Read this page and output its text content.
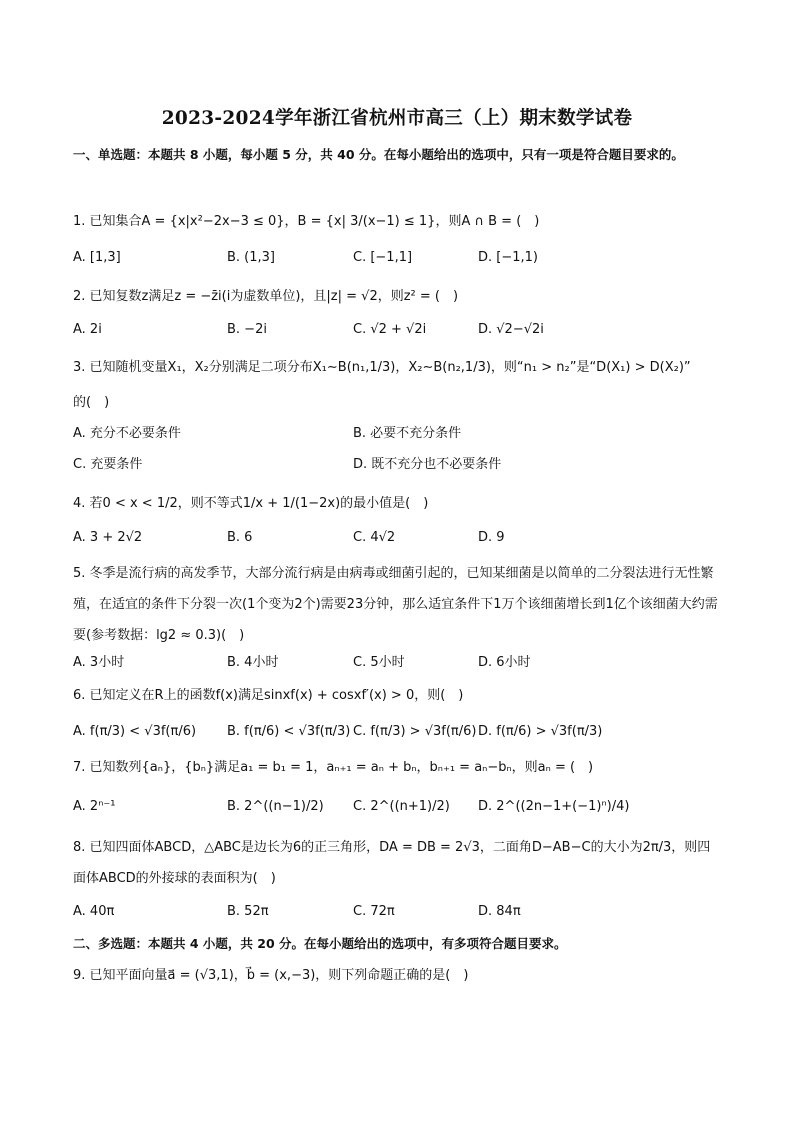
2023-2024学年浙江省杭州市高三（上）期末数学试卷
一、单选题：本题共 8 小题，每小题 5 分，共 40 分。在每小题给出的选项中，只有一项是符合题目要求的。
1. 已知集合A = {x|x²−2x−3 ≤ 0}，B = {x| 3/(x−1) ≤ 1}，则A ∩ B = (　)
A. [1,3]	B. (1,3]	C. [−1,1]	D. [−1,1)
2. 已知复数z满足z = −z̄i(i为虚数单位)，且|z| = √2，则z² = (　)
A. 2i	B. −2i	C. √2 + √2i	D. √2−√2i
3. 已知随机变量X₁，X₂分别满足二项分布X₁∼B(n₁,1/3)，X₂∼B(n₂,1/3)，则“n₁ > n₂”是“D(X₁) > D(X₂)”
的(　)
A. 充分不必要条件	B. 必要不充分条件
C. 充要条件	D. 既不充分也不必要条件
4. 若0 < x < 1/2，则不等式1/x + 1/(1−2x)的最小值是(　)
A. 3 + 2√2	B. 6	C. 4√2	D. 9
5. 冬季是流行病的高发季节，大部分流行病是由病毒或细菌引起的，已知某细菌是以简单的二分裂法进行无性繁殖，在适宜的条件下分裂一次(1个变为2个)需要23分钟，那么适宜条件下1万个该细菌增长到1亿个该细菌大约需要(参考数据：lg2 ≈ 0.3)(　)
A. 3小时	B. 4小时	C. 5小时	D. 6小时
6. 已知定义在R上的函数f(x)满足sinxf(x) + cosxf′(x) > 0，则(　)
A. f(π/3) < √3f(π/6) B. f(π/6) < √3f(π/3) C. f(π/3) > √3f(π/6) D. f(π/6) > √3f(π/3)
7. 已知数列{aₙ}，{bₙ}满足a₁ = b₁ = 1，aₙ₊₁ = aₙ + bₙ，bₙ₊₁ = aₙ−bₙ，则aₙ = (　)
A. 2ⁿ⁻¹	B. 2^((n−1)/2) C. 2^((n+1)/2) D. 2^((2n−1+(−1)ⁿ)/4)
8. 已知四面体ABCD，△ABC是边长为6的正三角形，DA = DB = 2√3，二面角D−AB−C的大小为2π/3，则四面体ABCD的外接球的表面积为(　)
A. 40π	B. 52π	C. 72π	D. 84π
二、多选题：本题共 4 小题，共 20 分。在每小题给出的选项中，有多项符合题目要求。
9. 已知平面向量a⃗ = (√3,1)，b⃗ = (x,−3)，则下列命题正确的是(　)
